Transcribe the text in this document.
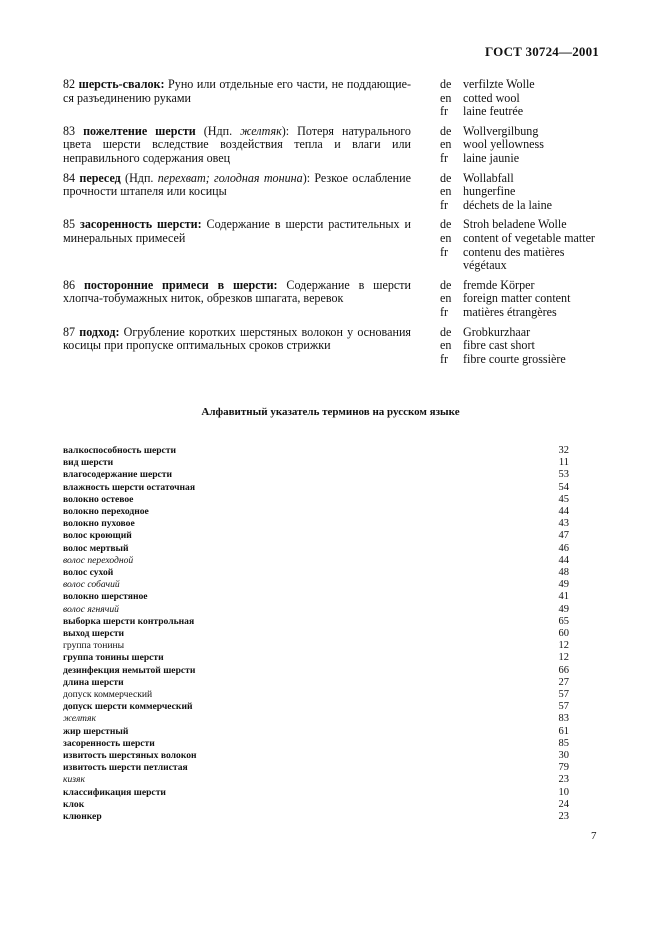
ГОСТ 30724—2001
82 шерсть-свалок: Руно или отдельные его части, не поддающие-ся разъединению руками
de verfilzte Wolle
en cotted wool
fr	laine feutrée
83 пожелтение шерсти (Ндп. желтяк): Потеря натурального цвета шерсти вследствие воздействия тепла и влаги или неправильного содержания овец
de Wollvergilbung
en wool yellowness
fr	laine jaunie
84 пересед (Ндп. перехват; голодная тонина): Резкое ослабление прочности штапеля или косицы
de Wollabfall
en hungerfine
fr	déchets de la laine
85 засоренность шерсти: Содержание в шерсти растительных и минеральных примесей
de Stroh beladene Wolle
en content of vegetable matter
fr	contenu des matières
végétaux
86 посторонние примеси в шерсти: Содержание в шерсти хлопча-тобумажных ниток, обрезков шпагата, веревок
de fremde Körper
en foreign matter content
fr	matières étrangères
87 подход: Огрубление коротких шерстяных волокон у основания косицы при пропуске оптимальных сроков стрижки
de Grobkurzhaar
en fibre cast short
fr	fibre courte grossière
Алфавитный указатель терминов на русском языке
валкоспособность шерсти	32
вид шерсти	11
влагосодержание шерсти	53
влажность шерсти остаточная	54
волокно остевое	45
волокно переходное	44
волокно пуховое	43
волос кроющий	47
волос мертвый	46
волос переходной	44
волос сухой	48
волос собачий	49
волокно шерстяное	41
волос ягнячий	49
выборка шерсти контрольная	65
выход шерсти	60
группа тонины	12
группа тонины шерсти	12
дезинфекция немытой шерсти	66
длина шерсти	27
допуск коммерческий	57
допуск шерсти коммерческий	57
желтяк	83
жир шерстный	61
засоренность шерсти	85
извитость шерстяных волокон	30
извитость шерсти петлистая	79
кизяк	23
классификация шерсти	10
клок	24
клюнкер	23
7
